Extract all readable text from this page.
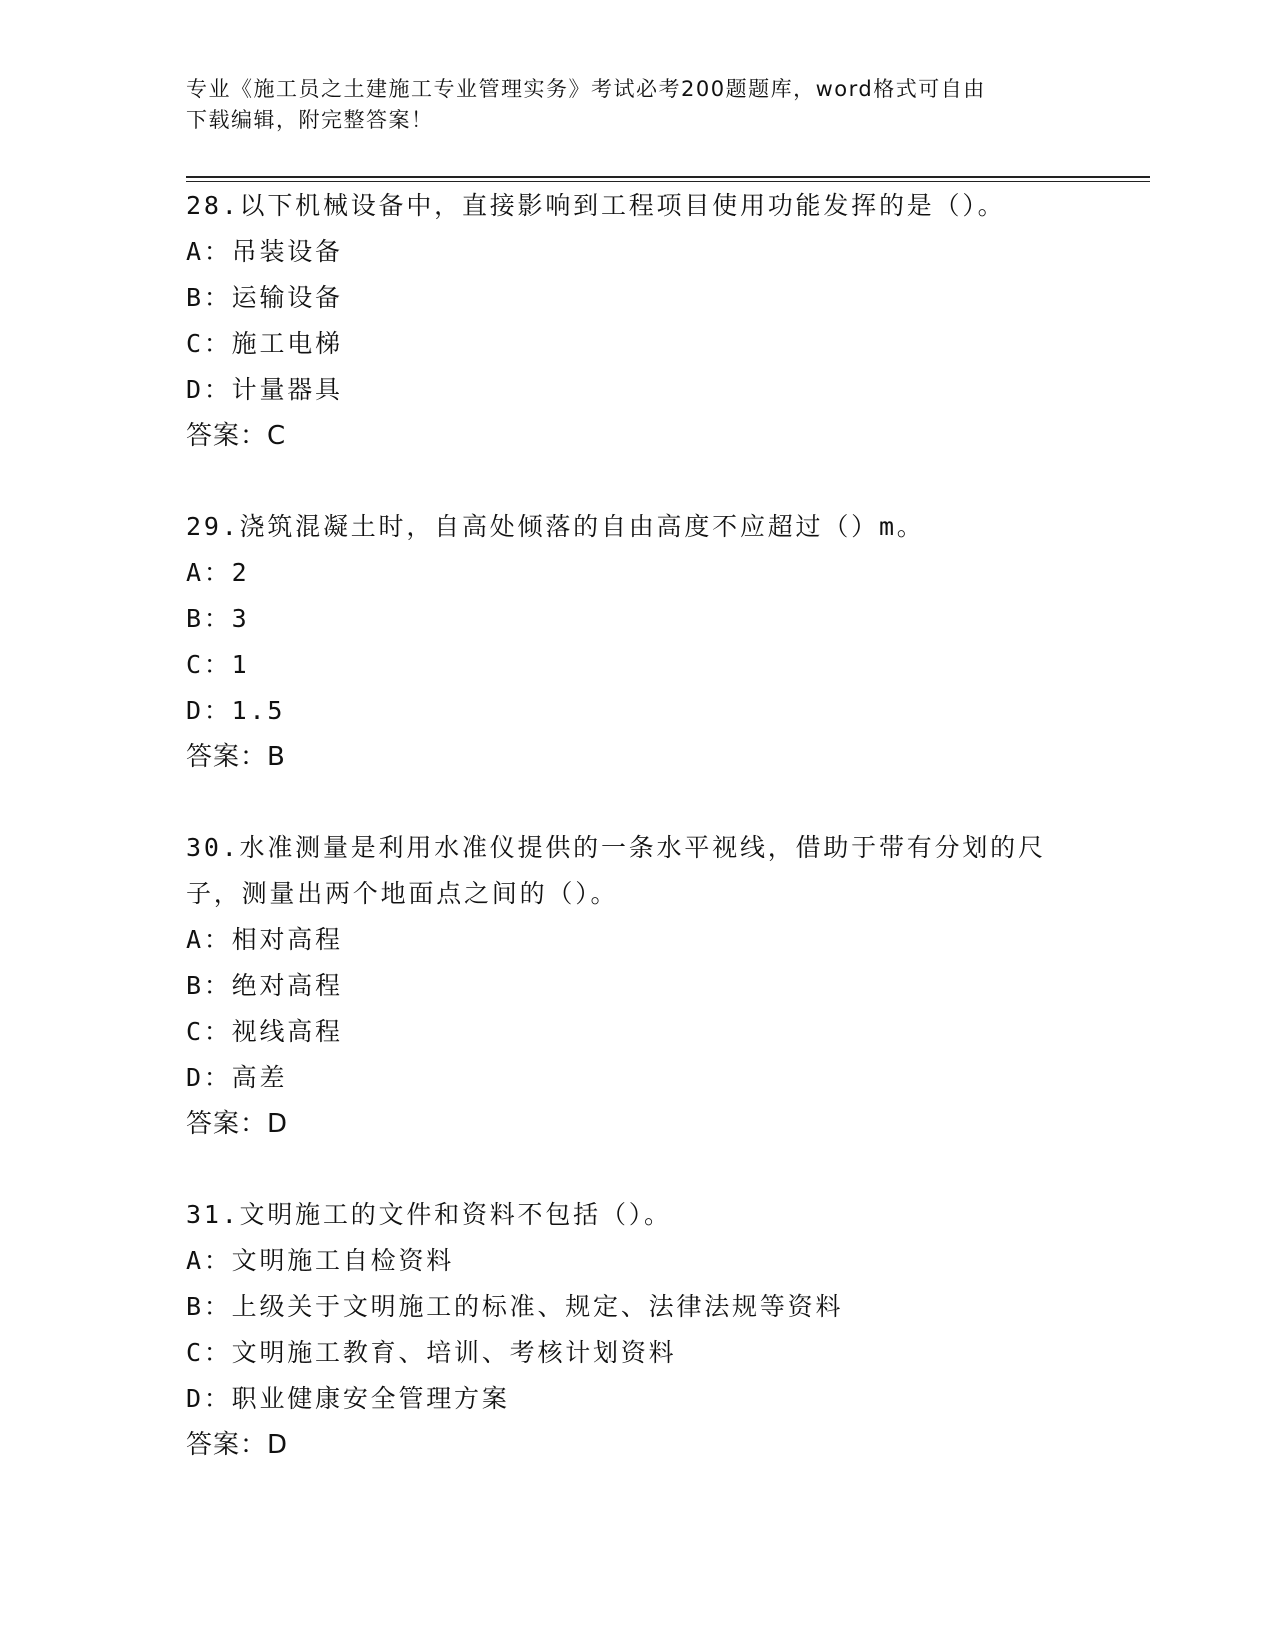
专业《施工员之土建施工专业管理实务》考试必考200题题库，word格式可自由
下载编辑，附完整答案！

28.以下机械设备中，直接影响到工程项目使用功能发挥的是（）。

A：吊装设备

B：运输设备

C：施工电梯

D：计量器具

答案：C

29.浇筑混凝土时，自高处倾落的自由高度不应超过（）m。

A：2

B：3

C：1

D：1.5

答案：B

30.水准测量是利用水准仪提供的一条水平视线，借助于带有分划的尺

子，测量出两个地面点之间的（）。

A：相对高程

B：绝对高程

C：视线高程

D：高差

答案：D

31.文明施工的文件和资料不包括（）。

A：文明施工自检资料

B：上级关于文明施工的标准、规定、法律法规等资料

C：文明施工教育、培训、考核计划资料

D：职业健康安全管理方案

答案：D
